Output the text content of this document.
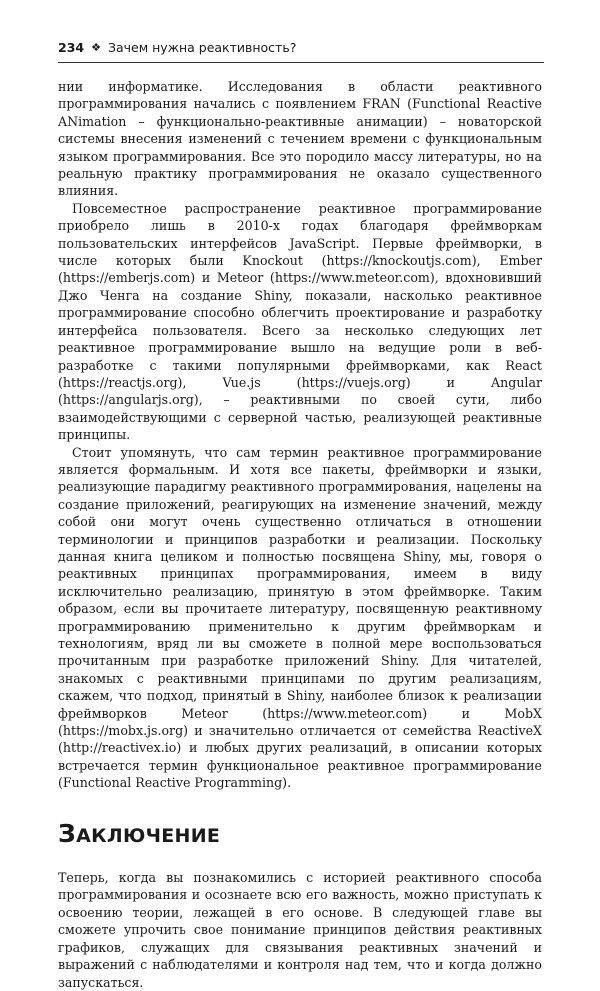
234 ❖ Зачем нужна реактивность?

нии информатике. Исследования в области реактивного программирования начались с появлением FRAN (Functional Reactive ANimation – функционально-реактивные анимации) – новаторской системы внесения изменений с течением времени с функциональным языком программирования. Все это породило массу литературы, но на реальную практику программирования не оказало существенного влияния.

Повсеместное распространение реактивное программирование приобрело лишь в 2010-х годах благодаря фреймворкам пользовательских интерфейсов JavaScript. Первые фреймворки, в числе которых были Knockout (https://knockoutjs.com), Ember (https://emberjs.com) и Meteor (https://www.meteor.com), вдохновивший Джо Ченга на создание Shiny, показали, насколько реактивное программирование способно облегчить проектирование и разработку интерфейса пользователя. Всего за несколько следующих лет реактивное программирование вышло на ведущие роли в веб-разработке с такими популярными фреймворками, как React (https://reactjs.org), Vue.js (https://vuejs.org) и Angular (https://angularjs.org), – реактивными по своей сути, либо взаимодействующими с серверной частью, реализующей реактивные принципы.

Стоит упомянуть, что сам термин реактивное программирование является формальным. И хотя все пакеты, фреймворки и языки, реализующие парадигму реактивного программирования, нацелены на создание приложений, реагирующих на изменение значений, между собой они могут очень существенно отличаться в отношении терминологии и принципов разработки и реализации. Поскольку данная книга целиком и полностью посвящена Shiny, мы, говоря о реактивных принципах программирования, имеем в виду исключительно реализацию, принятую в этом фреймворке. Таким образом, если вы прочитаете литературу, посвященную реактивному программированию применительно к другим фреймворкам и технологиям, вряд ли вы сможете в полной мере воспользоваться прочитанным при разработке приложений Shiny. Для читателей, знакомых с реактивными принципами по другим реализациям, скажем, что подход, принятый в Shiny, наиболее близок к реализации фреймворков Meteor (https://www.meteor.com) и MobX (https://mobx.js.org) и значительно отличается от семейства ReactiveX (http://reactivex.io) и любых других реализаций, в описании которых встречается термин функциональное реактивное программирование (Functional Reactive Programming).

ЗАКЛЮЧЕНИЕ

Теперь, когда вы познакомились с историей реактивного способа программирования и осознаете всю его важность, можно приступать к освоению теории, лежащей в его основе. В следующей главе вы сможете упрочить свое понимание принципов действия реактивных графиков, служащих для связывания реактивных значений и выражений с наблюдателями и контроля над тем, что и когда должно запускаться.
